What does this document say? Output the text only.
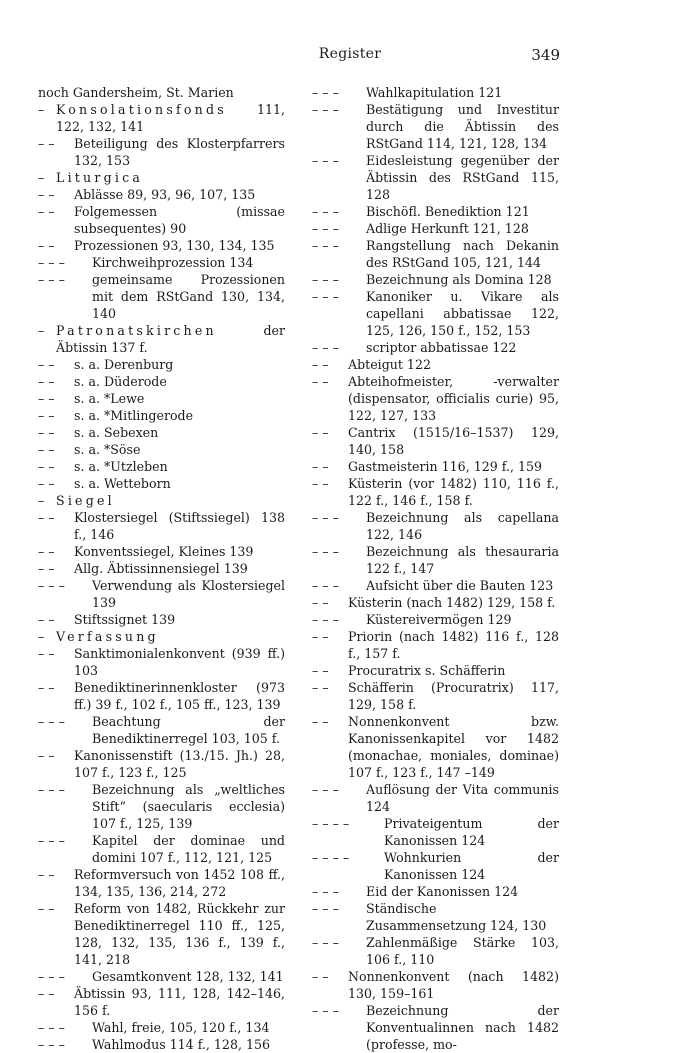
Register	349
noch Gandersheim, St. Marien
– Konsolationsfonds 111, 122, 132, 141
– –	Beteiligung des Klosterpfarrers 132, 153
– Liturgica
– –	Ablässe 89, 93, 96, 107, 135
– –	Folgemessen (missae subsequentes) 90
– –	Prozessionen 93, 130, 134, 135
– – –	Kirchweihprozession 134
– – –	gemeinsame Prozessionen mit dem RStGand 130, 134, 140
– Patronatskirchen der Äbtissin 137 f.
– –	s. a. Derenburg
– –	s. a. Düderode
– –	s. a. *Lewe
– –	s. a. *Mitlingerode
– –	s. a. Sebexen
– –	s. a. *Söse
– –	s. a. *Utzleben
– –	s. a. Wetteborn
– Siegel
– –	Klostersiegel (Stiftssiegel) 138 f., 146
– –	Konventssiegel, Kleines 139
– –	Allg. Äbtissinnensiegel 139
– – –	Verwendung als Klostersiegel 139
– –	Stiftssignet 139
– Verfassung
– –	Sanktimonialenkonvent (939 ff.) 103
– –	Benediktinerinnenkloster (973 ff.) 39 f., 102 f., 105 ff., 123, 139
– – –	Beachtung der Benediktinerregel 103, 105 f.
– –	Kanonissenstift (13./15. Jh.) 28, 107 f., 123 f., 125
– – –	Bezeichnung als „weltliches Stift“ (saecularis ecclesia) 107 f., 125, 139
– – –	Kapitel der dominae und domini 107 f., 112, 121, 125
– –	Reformversuch von 1452 108 ff., 134, 135, 136, 214, 272
– –	Reform von 1482, Rückkehr zur Benediktinerregel 110 ff., 125, 128, 132, 135, 136 f., 139 f., 141, 218
– – –	Gesamtkonvent 128, 132, 141
– –	Äbtissin 93, 111, 128, 142–146, 156 f.
– – –	Wahl, freie, 105, 120 f., 134
– – –	Wahlmodus 114 f., 128, 156
– – –	Wahlkapitulation 121
– – –	Bestätigung und Investitur durch die Äbtissin des RStGand 114, 121, 128, 134
– – –	Eidesleistung gegenüber der Äbtissin des RStGand 115, 128
– – –	Bischöfl. Benediktion 121
– – –	Adlige Herkunft 121, 128
– – –	Rangstellung nach Dekanin des RStGand 105, 121, 144
– – –	Bezeichnung als Domina 128
– – –	Kanoniker u. Vikare als capellani abbatissae 122, 125, 126, 150 f., 152, 153
– – –	scriptor abbatissae 122
– –	Abteigut 122
– –	Abteihofmeister, -verwalter (dispensator, officialis curie) 95, 122, 127, 133
– –	Cantrix (1515/16–1537) 129, 140, 158
– –	Gastmeisterin 116, 129 f., 159
– –	Küsterin (vor 1482) 110, 116 f., 122 f., 146 f., 158 f.
– – –	Bezeichnung als capellana 122, 146
– – –	Bezeichnung als thesauraria 122 f., 147
– – –	Aufsicht über die Bauten 123
– –	Küsterin (nach 1482) 129, 158 f.
– – –	Küstereivermögen 129
– –	Priorin (nach 1482) 116 f., 128 f., 157 f.
– –	Procuratrix s. Schäfferin
– –	Schäfferin (Procuratrix) 117, 129, 158 f.
– –	Nonnenkonvent bzw. Kanonissenkapitel vor 1482 (monachae, moniales, dominae) 107 f., 123 f., 147 –149
– – –	Auflösung der Vita communis 124
– – – –	Privateigentum der Kanonissen 124
– – – –	Wohnkurien der Kanonissen 124
– – –	Eid der Kanonissen 124
– – –	Ständische Zusammensetzung 124, 130
– – –	Zahlenmäßige Stärke 103, 106 f., 110
– –	Nonnenkonvent (nach 1482) 130, 159–161
– – –	Bezeichnung der Konventualinnen nach 1482 (professe, mo-
